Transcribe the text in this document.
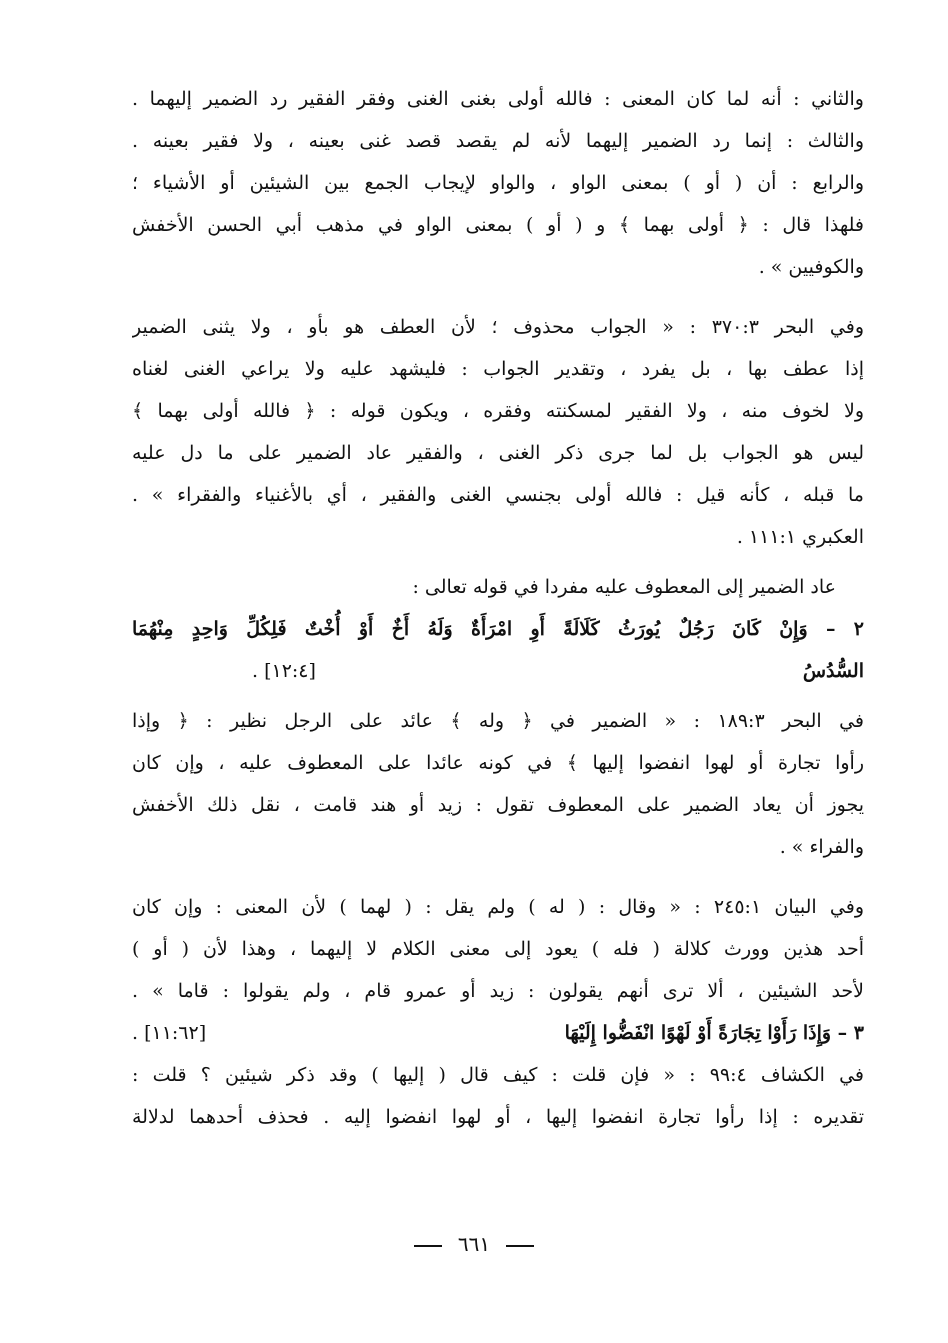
والثاني : أنه لما كان المعنى : فالله أولى بغنى الغنى وفقر الفقير رد الضمير إليهما .
والثالث : إنما رد الضمير إليهما لأنه لم يقصد قصد غنى بعينه ، ولا فقير بعينه .
والرابع : أن ( أو ) بمعنى الواو ، والواو لإيجاب الجمع بين الشيئين أو الأشياء ؛
فلهذا قال : ﴿ أولى بهما ﴾ و ( أو ) بمعنى الواو في مذهب أبي الحسن الأخفش
والكوفيين » .
وفي البحر ٣٧٠:٣ : « الجواب محذوف ؛ لأن العطف هو بأو ، ولا يثنى الضمير
إذا عطف بها ، بل يفرد ، وتقدير الجواب : فليشهد عليه ولا يراعي الغنى لغناه
ولا لخوف منه ، ولا الفقير لمسكنته وفقره ، ويكون قوله : ﴿ فالله أولى بهما ﴾
ليس هو الجواب بل لما جرى ذكر الغنى ، والفقير عاد الضمير على ما دل عليه
ما قبله ، كأنه قيل : فالله أولى بجنسي الغنى والفقير ، أي بالأغنياء والفقراء » .
العكبري ١١١:١ .
عاد الضمير إلى المعطوف عليه مفردا في قوله تعالى :
٢ – وَإِنْ كَانَ رَجُلٌ يُورَثُ كَلَالَةً أَوِ امْرَأَةٌ وَلَهُ أَخٌ أَوْ أُخْتٌ فَلِكُلِّ وَاحِدٍ مِنْهُمَا
السُّدُسُ
[١٢:٤] .
في البحر ١٨٩:٣ : « الضمير في ﴿ وله ﴾ عائد على الرجل نظير : ﴿ وإذا
رأوا تجارة أو لهوا انفضوا إليها ﴾ في كونه عائدا على المعطوف عليه ، وإن كان
يجوز أن يعاد الضمير على المعطوف تقول : زيد أو هند قامت ، نقل ذلك الأخفش
والفراء » .
وفي البيان ٢٤٥:١ : « وقال : ( له ) ولم يقل : ( لهما ) لأن المعنى : وإن كان
أحد هذين وورث كلالة ( فله ) يعود إلى معنى الكلام لا إليهما ، وهذا لأن ( أو )
لأحد الشيئين ، ألا ترى أنهم يقولون : زيد أو عمرو قام ، ولم يقولوا : قاما » .
٣ – وَإِذَا رَأَوْا تِجَارَةً أَوْ لَهْوًا انْفَضُّوا إِلَيْهَا
[١١:٦٢] .
في الكشاف ٩٩:٤ : « فإن قلت : كيف قال ( إليها ) وقد ذكر شيئين ؟ قلت :
تقديره : إذا رأوا تجارة انفضوا إليها ، أو لهوا انفضوا إليه . فحذف أحدهما لدلالة
٦٦١
